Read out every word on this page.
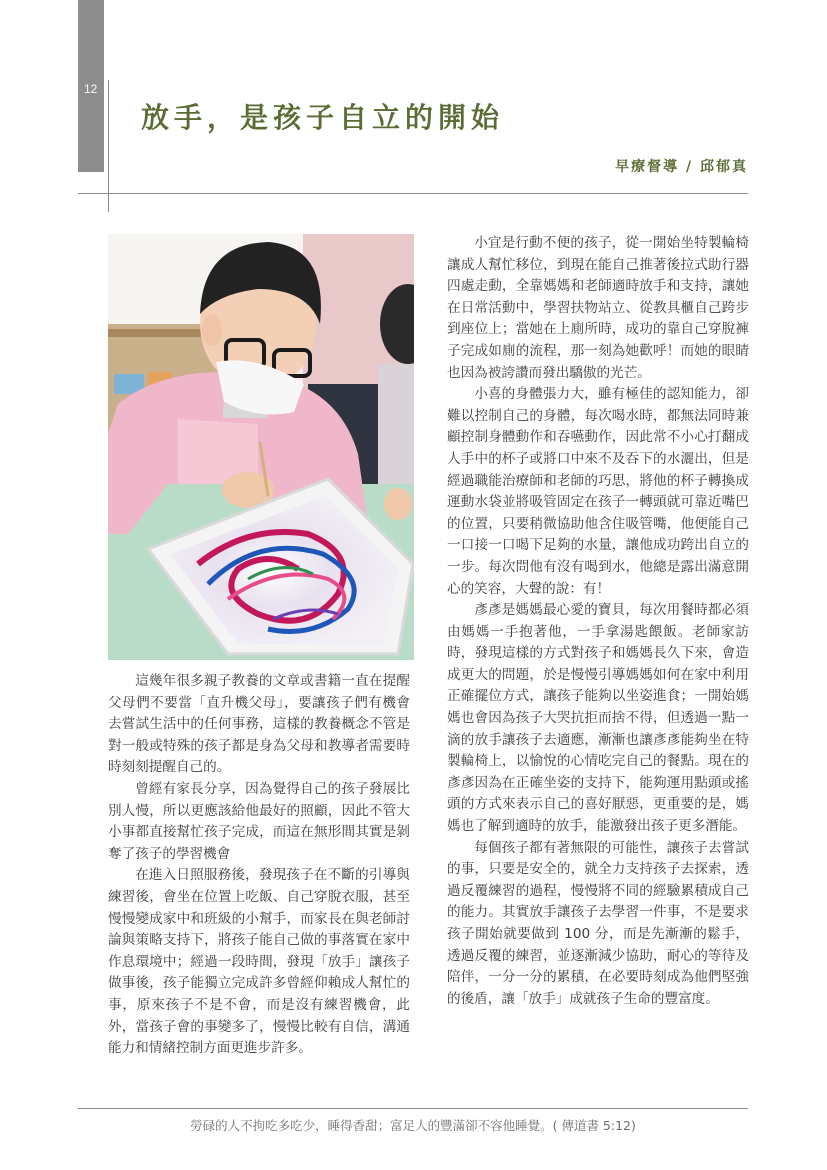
12
放手，是孩子自立的開始
早療督導 / 邱郁真

這幾年很多親子教養的文章或書籍一直在提醒父母們不要當「直升機父母」，要讓孩子們有機會去嘗試生活中的任何事務，這樣的教養概念不管是對一般或特殊的孩子都是身為父母和教導者需要時時刻刻提醒自己的。

曾經有家長分享，因為覺得自己的孩子發展比別人慢，所以更應該給他最好的照顧，因此不管大小事都直接幫忙孩子完成，而這在無形間其實是剝奪了孩子的學習機會

在進入日照服務後，發現孩子在不斷的引導與練習後，會坐在位置上吃飯、自己穿脫衣服，甚至慢慢變成家中和班級的小幫手，而家長在與老師討論與策略支持下，將孩子能自己做的事落實在家中作息環境中；經過一段時間，發現「放手」讓孩子做事後，孩子能獨立完成許多曾經仰賴成人幫忙的事，原來孩子不是不會，而是沒有練習機會，此外，當孩子會的事變多了，慢慢比較有自信，溝通能力和情緒控制方面更進步許多。

小宜是行動不便的孩子，從一開始坐特製輪椅讓成人幫忙移位，到現在能自己推著後拉式助行器四處走動，全靠媽媽和老師適時放手和支持，讓她在日常活動中，學習扶物站立、從教具櫃自己跨步到座位上；當她在上廁所時，成功的靠自己穿脫褲子完成如廁的流程，那一刻為她歡呼！而她的眼睛也因為被誇讚而發出驕傲的光芒。

小喜的身體張力大，雖有極佳的認知能力，卻難以控制自己的身體，每次喝水時，都無法同時兼顧控制身體動作和吞嚥動作，因此常不小心打翻成人手中的杯子或將口中來不及吞下的水灑出，但是經過職能治療師和老師的巧思，將他的杯子轉換成運動水袋並將吸管固定在孩子一轉頭就可靠近嘴巴的位置，只要稍微協助他含住吸管嘴，他便能自己一口接一口喝下足夠的水量，讓他成功跨出自立的一步。每次問他有沒有喝到水，他總是露出滿意開心的笑容，大聲的說：有！

彥彥是媽媽最心愛的寶貝，每次用餐時都必須由媽媽一手抱著他，一手拿湯匙餵飯。老師家訪時，發現這樣的方式對孩子和媽媽長久下來，會造成更大的問題，於是慢慢引導媽媽如何在家中利用正確擺位方式，讓孩子能夠以坐姿進食；一開始媽媽也會因為孩子大哭抗拒而捨不得，但透過一點一滴的放手讓孩子去適應，漸漸也讓彥彥能夠坐在特製輪椅上，以愉悅的心情吃完自己的餐點。現在的彥彥因為在正確坐姿的支持下，能夠運用點頭或搖頭的方式來表示自己的喜好厭惡，更重要的是，媽媽也了解到適時的放手，能激發出孩子更多潛能。

每個孩子都有著無限的可能性，讓孩子去嘗試的事，只要是安全的，就全力支持孩子去探索，透過反覆練習的過程，慢慢將不同的經驗累積成自己的能力。其實放手讓孩子去學習一件事，不是要求孩子開始就要做到 100 分，而是先漸漸的鬆手，透過反覆的練習，並逐漸減少協助，耐心的等待及陪伴，一分一分的累積，在必要時刻成為他們堅強的後盾，讓「放手」成就孩子生命的豐富度。

勞碌的人不拘吃多吃少，睡得香甜；富足人的豐滿卻不容他睡覺。( 傳道書 5:12)
